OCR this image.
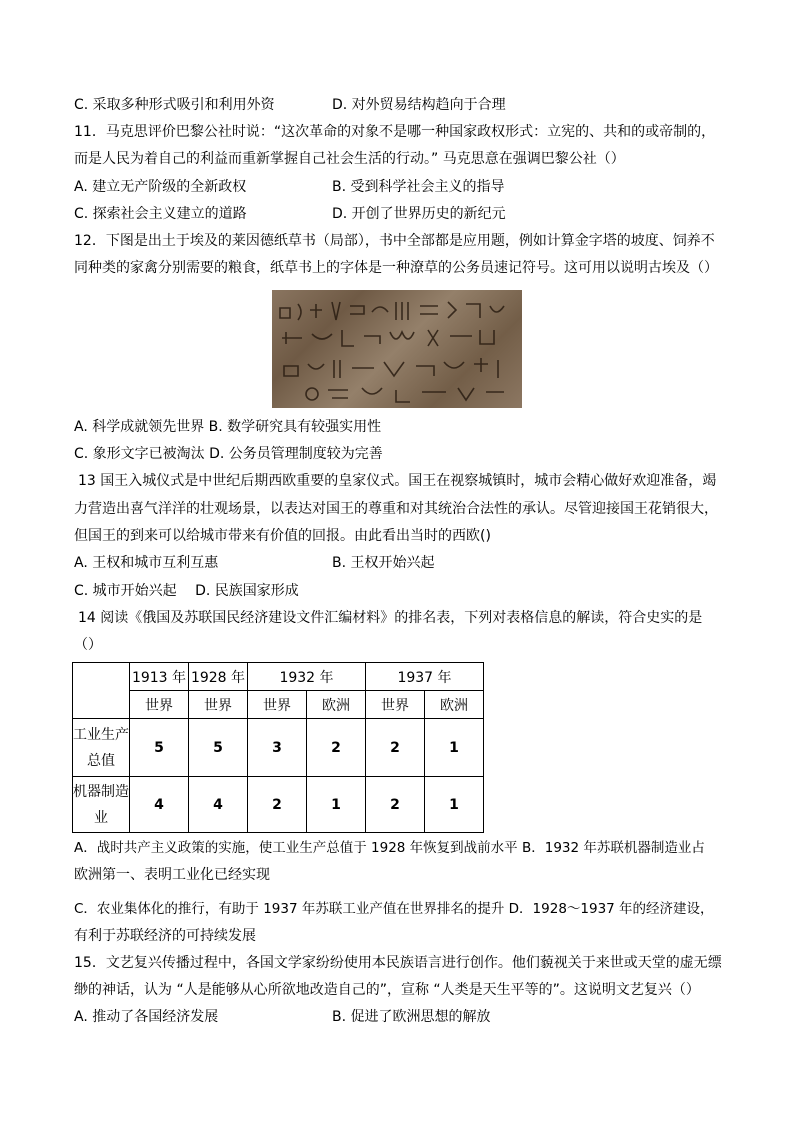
C. 采取多种形式吸引和利用外资	D. 对外贸易结构趋向于合理
11．马克思评价巴黎公社时说：“这次革命的对象不是哪一种国家政权形式：立宪的、共和的或帝制的，
而是人民为着自己的利益而重新掌握自己社会生活的行动。” 马克思意在强调巴黎公社（）
A. 建立无产阶级的全新政权	B. 受到科学社会主义的指导
C. 探索社会主义建立的道路	D. 开创了世界历史的新纪元
12．下图是出土于埃及的莱因德纸草书（局部），书中全部都是应用题，例如计算金字塔的坡度、饲养不
同种类的家禽分别需要的粮食，纸草书上的字体是一种潦草的公务员速记符号。这可用以说明古埃及（）
A. 科学成就领先世界 B. 数学研究具有较强实用性
C. 象形文字已被淘汰 D. 公务员管理制度较为完善
13 国王入城仪式是中世纪后期西欧重要的皇家仪式。国王在视察城镇时，城市会精心做好欢迎准备，竭
力营造出喜气洋洋的壮观场景，以表达对国王的尊重和对其统治合法性的承认。尽管迎接国王花销很大，
但国王的到来可以给城市带来有价值的回报。由此看出当时的西欧()
A. 王权和城市互利互惠	B. 王权开始兴起
C. 城市开始兴起　 D. 民族国家形成
14 阅读《俄国及苏联国民经济建设文件汇编材料》的排名表，下列对表格信息的解读，符合史实的是
（）
	1913 年	1928 年	1932 年		1937 年	
	世界	世界	世界	欧洲	世界	欧洲
工业生产
总值	5	5	3	2	2	1
机器制造
业	4	4	2	1	2	1
A．战时共产主义政策的实施，使工业生产总值于 1928 年恢复到战前水平 B．1932 年苏联机器制造业占
欧洲第一、表明工业化已经实现
C．农业集体化的推行，有助于 1937 年苏联工业产值在世界排名的提升 D．1928～1937 年的经济建设，
有利于苏联经济的可持续发展
15．文艺复兴传播过程中，各国文学家纷纷使用本民族语言进行创作。他们藐视关于来世或天堂的虚无缥
缈的神话，认为 “人是能够从心所欲地改造自己的”，宣称 “人类是天生平等的”。这说明文艺复兴（）
A. 推动了各国经济发展	B. 促进了欧洲思想的解放
